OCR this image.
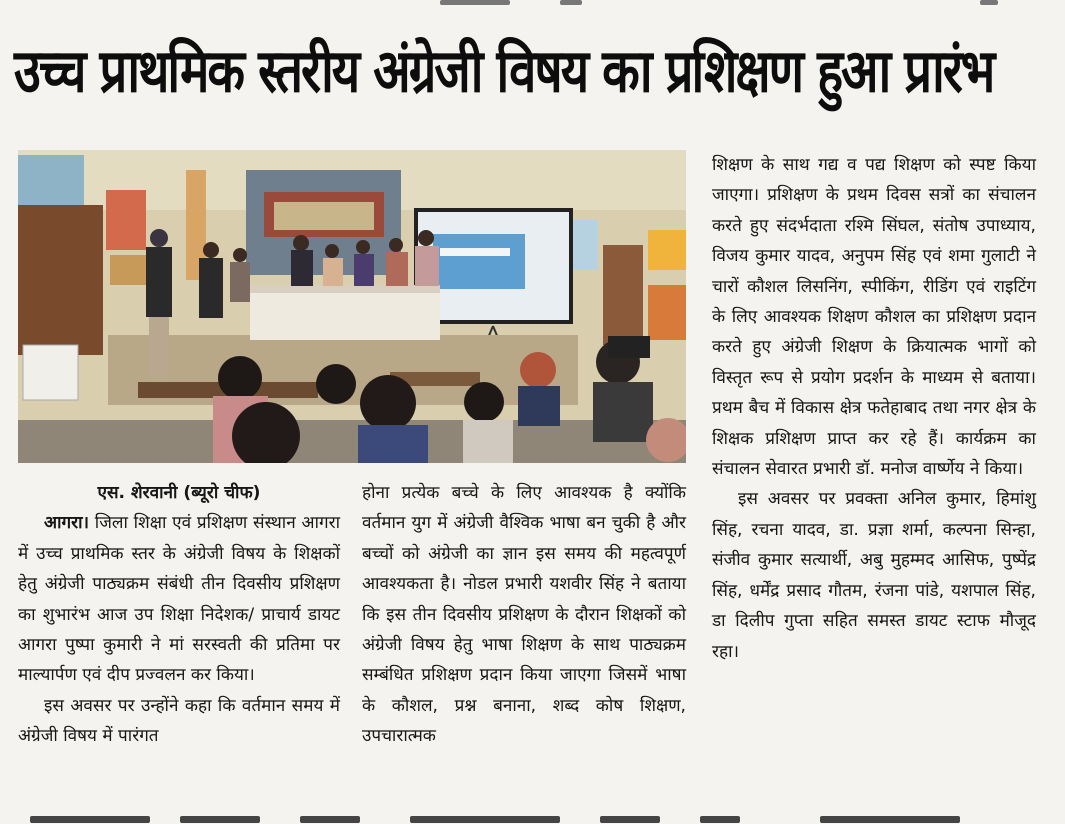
उच्च प्राथमिक स्तरीय अंग्रेजी विषय का प्रशिक्षण हुआ प्रारंभ

एस. शेरवानी (ब्यूरो चीफ)

आगरा। जिला शिक्षा एवं प्रशिक्षण संस्थान आगरा में उच्च प्राथमिक स्तर के अंग्रेजी विषय के शिक्षकों हेतु अंग्रेजी पाठ्यक्रम संबंधी तीन दिवसीय प्रशिक्षण का शुभारंभ आज उप शिक्षा निदेशक/ प्राचार्य डायट आगरा पुष्पा कुमारी ने मां सरस्वती की प्रतिमा पर माल्यार्पण एवं दीप प्रज्वलन कर किया।

इस अवसर पर उन्होंने कहा कि वर्तमान समय में अंग्रेजी विषय में पारंगत

होना प्रत्येक बच्चे के लिए आवश्यक है क्योंकि वर्तमान युग में अंग्रेजी वैश्विक भाषा बन चुकी है और बच्चों को अंग्रेजी का ज्ञान इस समय की महत्वपूर्ण आवश्यकता है। नोडल प्रभारी यशवीर सिंह ने बताया कि इस तीन दिवसीय प्रशिक्षण के दौरान शिक्षकों को अंग्रेजी विषय हेतु भाषा शिक्षण के साथ पाठ्यक्रम सम्बंधित प्रशिक्षण प्रदान किया जाएगा जिसमें भाषा के कौशल, प्रश्न बनाना, शब्द कोष शिक्षण, उपचारात्मक

शिक्षण के साथ गद्य व पद्य शिक्षण को स्पष्ट किया जाएगा। प्रशिक्षण के प्रथम दिवस सत्रों का संचालन करते हुए संदर्भदाता रश्मि सिंघल, संतोष उपाध्याय, विजय कुमार यादव, अनुपम सिंह एवं शमा गुलाटी ने चारों कौशल लिसनिंग, स्पीकिंग, रीडिंग एवं राइटिंग के लिए आवश्यक शिक्षण कौशल का प्रशिक्षण प्रदान करते हुए अंग्रेजी शिक्षण के क्रियात्मक भागों को विस्तृत रूप से प्रयोग प्रदर्शन के माध्यम से बताया। प्रथम बैच में विकास क्षेत्र फतेहाबाद तथा नगर क्षेत्र के शिक्षक प्रशिक्षण प्राप्त कर रहे हैं। कार्यक्रम का संचालन सेवारत प्रभारी डॉ. मनोज वार्ष्णेय ने किया।

इस अवसर पर प्रवक्ता अनिल कुमार, हिमांशु सिंह, रचना यादव, डा. प्रज्ञा शर्मा, कल्पना सिन्हा, संजीव कुमार सत्यार्थी, अबु मुहम्मद आसिफ, पुष्पेंद्र सिंह, धर्मेंद्र प्रसाद गौतम, रंजना पांडे, यशपाल सिंह, डा दिलीप गुप्ता सहित समस्त डायट स्टाफ मौजूद रहा।
